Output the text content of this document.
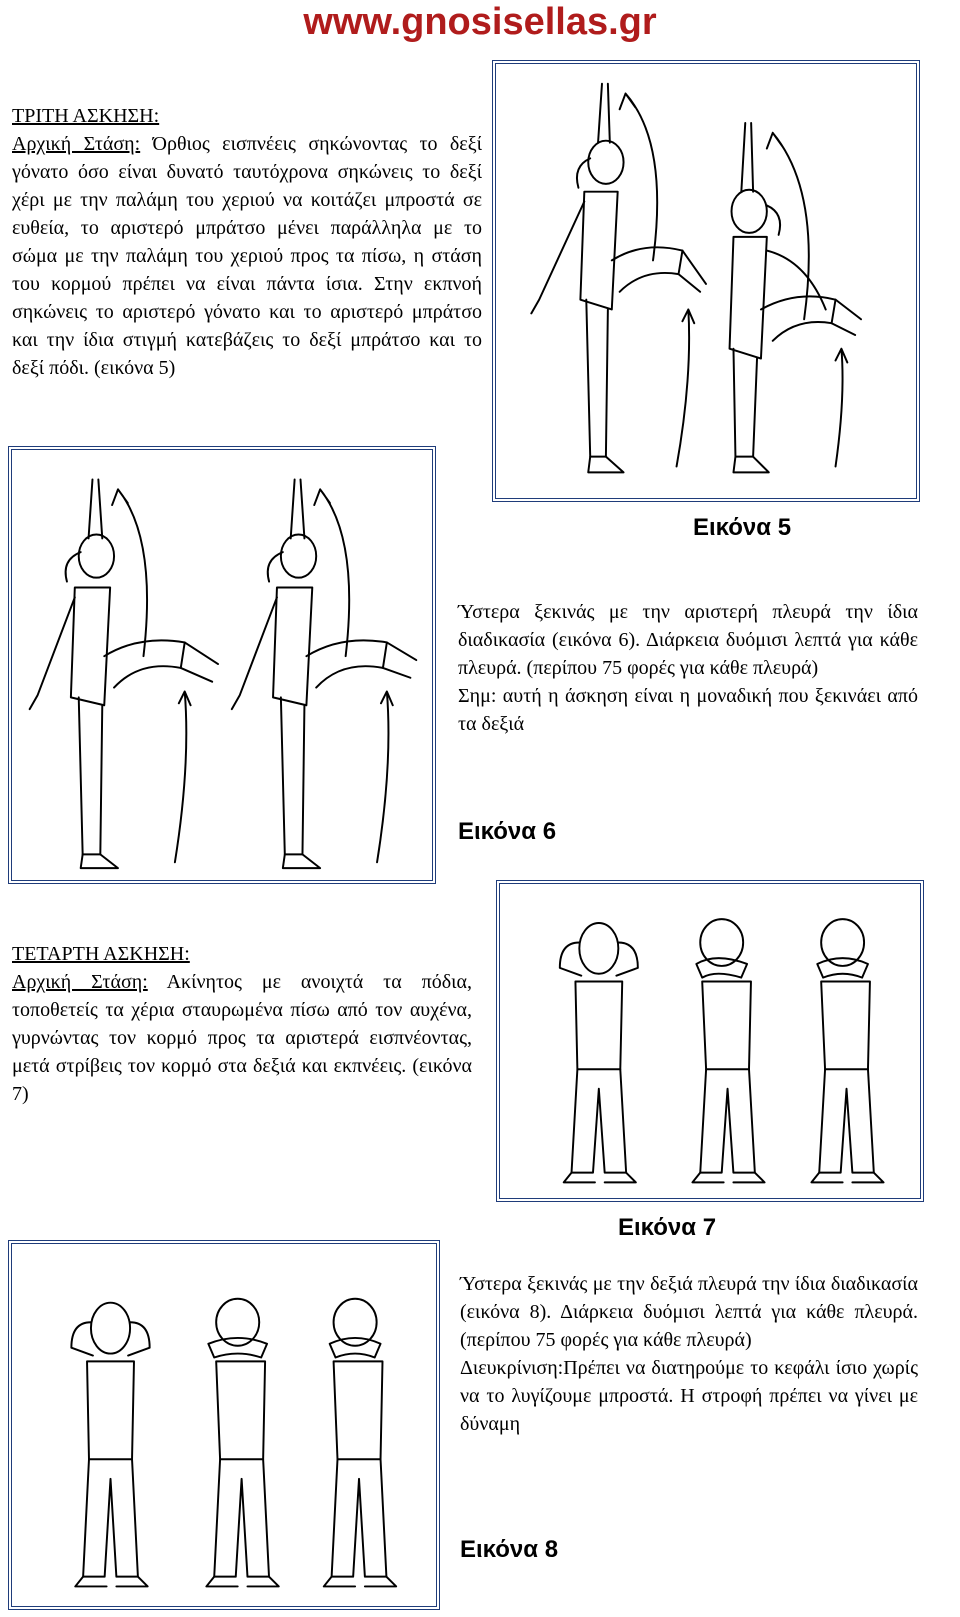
www.gnosisellas.gr
ΤΡΙΤΗ ΑΣΚΗΣΗ:
Αρχική Στάση: Όρθιος εισπνέεις σηκώνοντας το δεξί γόνατο όσο είναι δυνατό ταυτόχρονα σηκώνεις το δεξί χέρι με την παλάμη του χεριού να κοιτάζει μπροστά σε ευθεία, το αριστερό μπράτσο μένει παράλληλα με το σώμα με την παλάμη του χεριού προς τα πίσω, η στάση του κορμού πρέπει να είναι πάντα ίσια. Στην εκπνοή σηκώνεις το αριστερό γόνατο και το αριστερό μπράτσο και την ίδια στιγμή κατεβάζεις το δεξί μπράτσο και το δεξί πόδι. (εικόνα 5)
Εικόνα 5
Ύστερα ξεκινάς με την αριστερή πλευρά την ίδια διαδικασία (εικόνα 6). Διάρκεια δυόμισι λεπτά για κάθε πλευρά. (περίπου 75 φορές για κάθε πλευρά)
Σημ: αυτή η άσκηση είναι η μοναδική που ξεκινάει από τα δεξιά
Εικόνα 6
ΤΕΤΑΡΤΗ ΑΣΚΗΣΗ:
Αρχική Στάση: Ακίνητος με ανοιχτά τα πόδια, τοποθετείς τα χέρια σταυρωμένα πίσω από τον αυχένα, γυρνώντας τον κορμό προς τα αριστερά εισπνέοντας, μετά στρίβεις τον κορμό στα δεξιά και εκπνέεις. (εικόνα 7)
Εικόνα 7
Ύστερα ξεκινάς με την δεξιά πλευρά την ίδια διαδικασία (εικόνα 8). Διάρκεια δυόμισι λεπτά για κάθε πλευρά. (περίπου 75 φορές για κάθε πλευρά)
Διευκρίνιση:Πρέπει να διατηρούμε το κεφάλι ίσιο χωρίς να το λυγίζουμε μπροστά. Η στροφή πρέπει να γίνει με δύναμη
Εικόνα 8
